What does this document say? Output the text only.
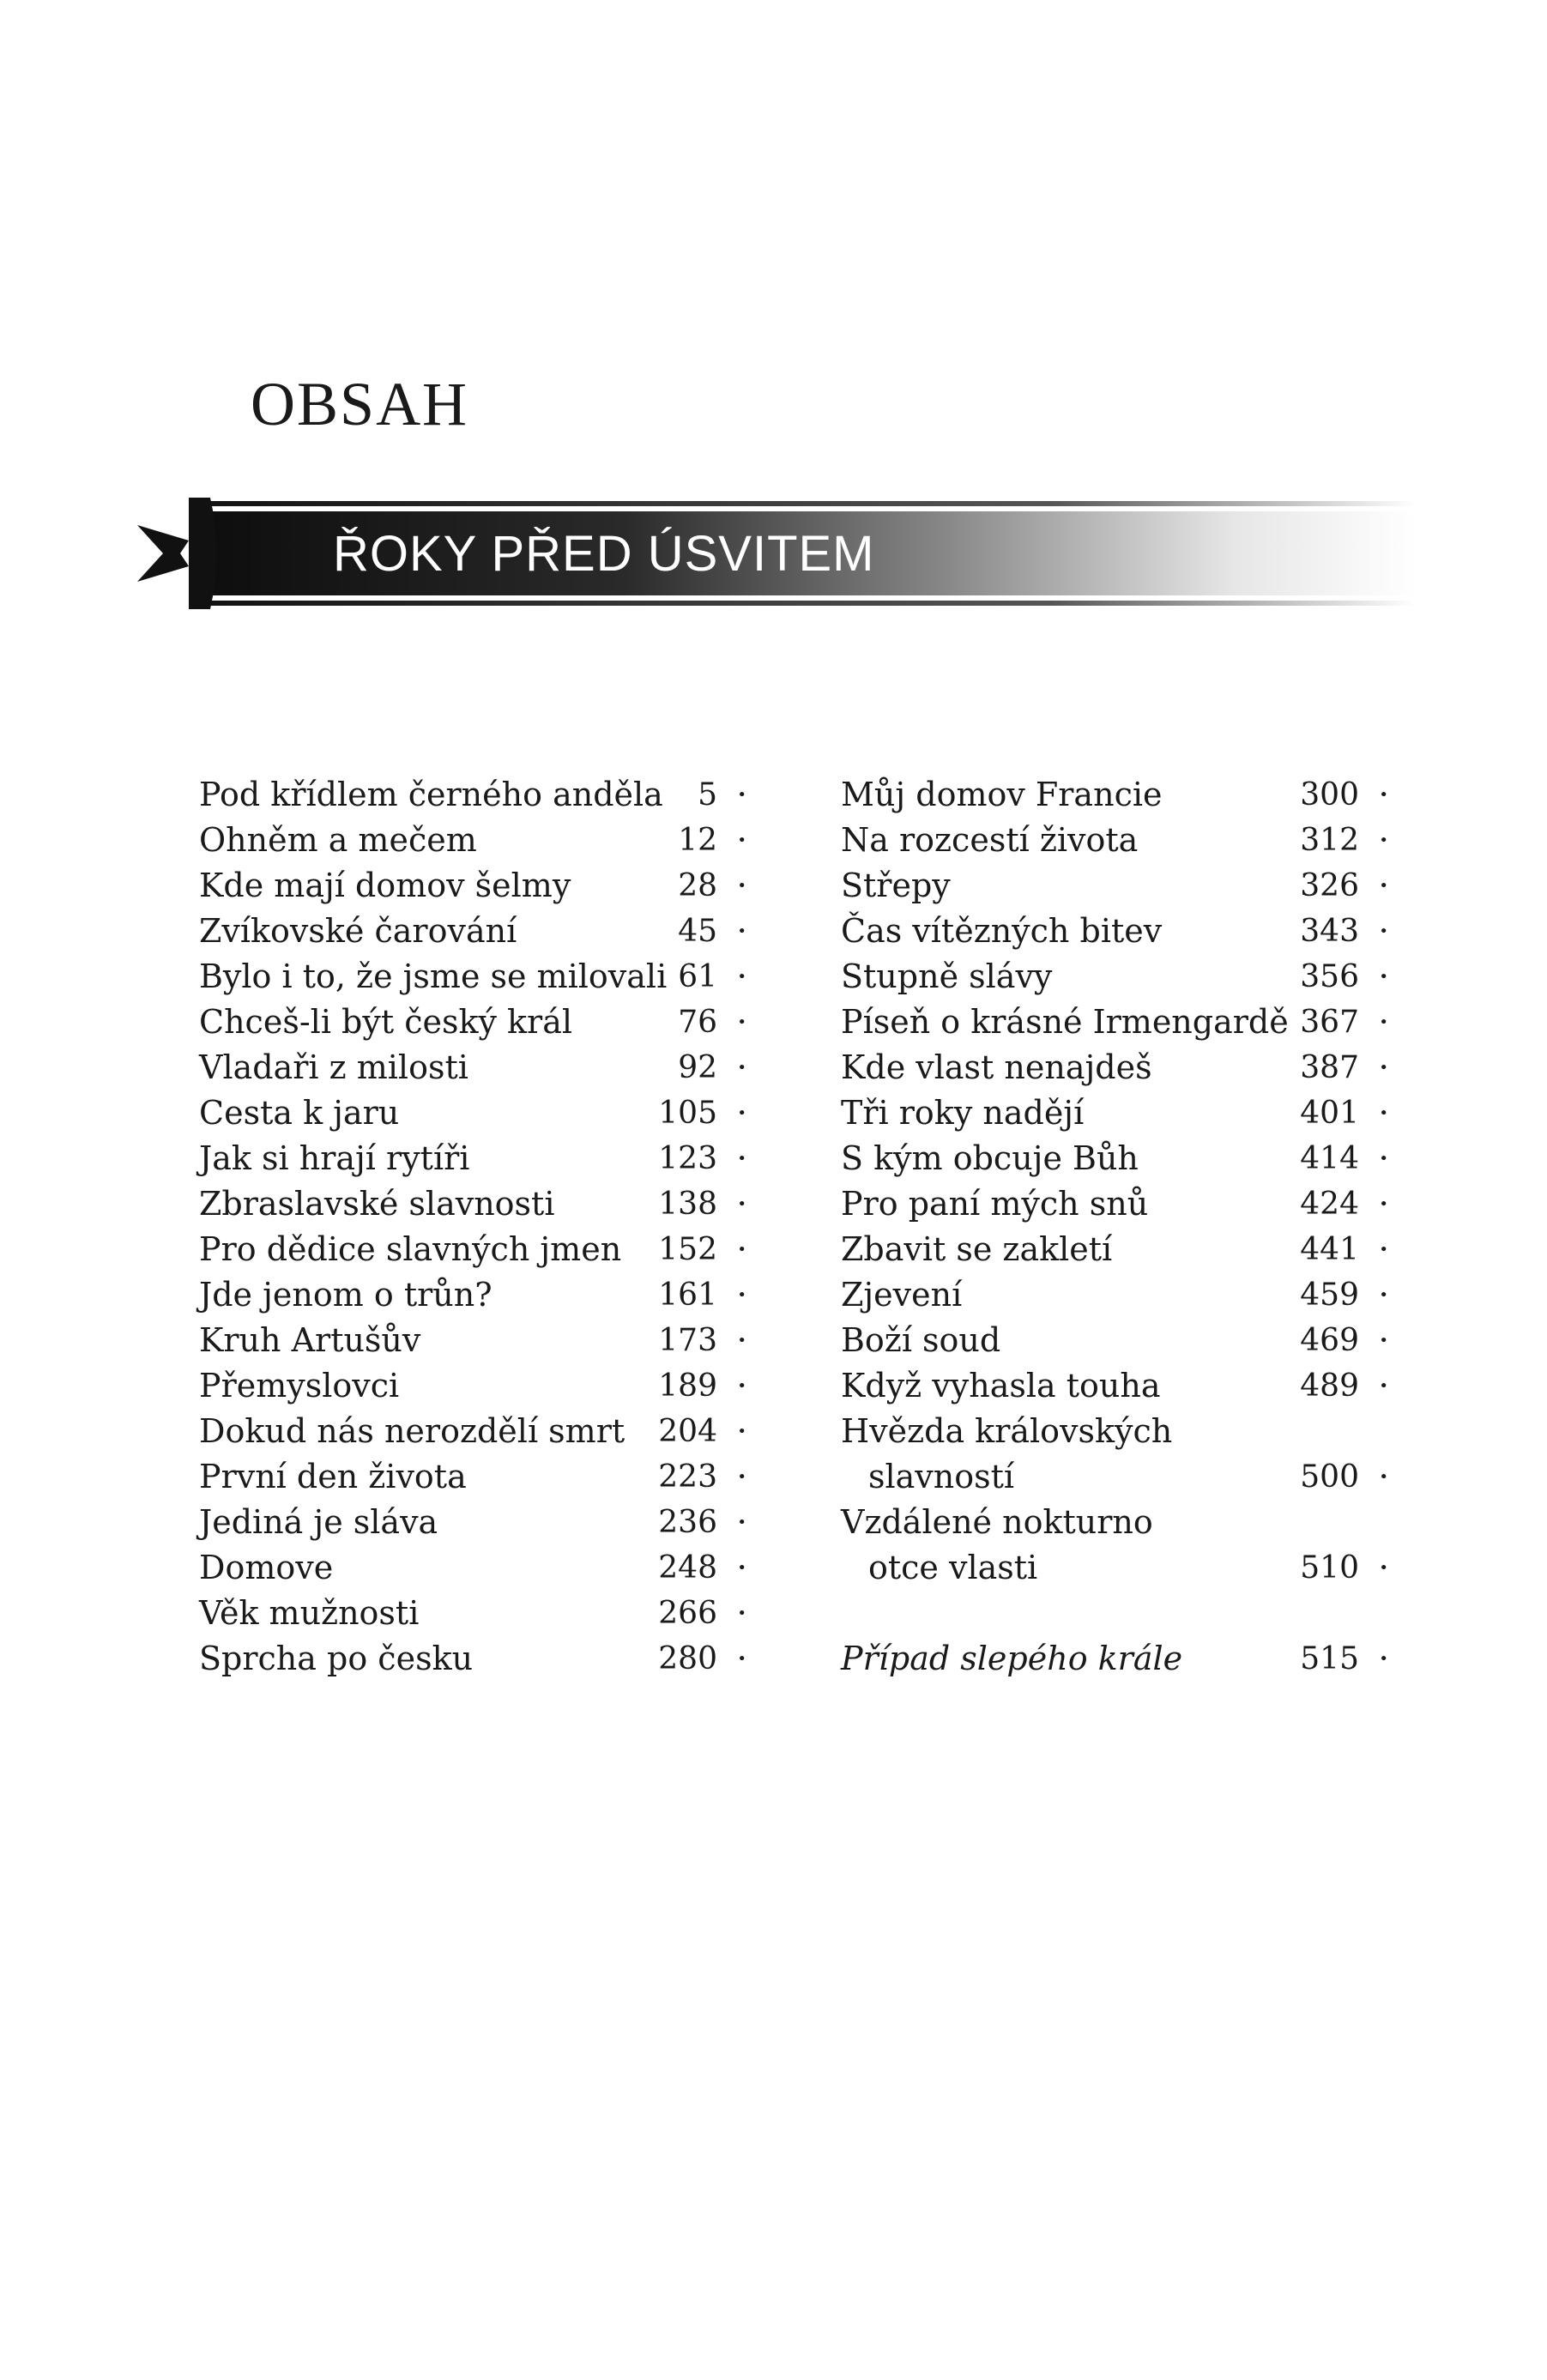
OBSAH
ŘOKY PŘED ÚSVITEM
Pod křídlem černého anděla 5 •
Ohněm a mečem	12 •
Kde mají domov šelmy	28 •
Zvíkovské čarování	45 •
Bylo i to, že jsme se milovali 61 •
Chceš-li být český král	76 •
Vladaři z milosti	92 •
Cesta k jaru	105 •
Jak si hrají rytíři	123 •
Zbraslavské slavnosti	138 •
Pro dědice slavných jmen 152 •
Jde jenom o trůn?	161 •
Kruh Artušův	173 •
Přemyslovci	189 •
Dokud nás nerozdělí smrt 204 •
První den života	223 •
Jediná je sláva	236 •
Domove	248 •
Věk mužnosti	266 •
Sprcha po česku	280 •
Můj domov Francie	300 •
Na rozcestí života	312 •
Střepy	326 •
Čas vítězných bitev	343 •
Stupně slávy	356 •
Píseň o krásné Irmengardě 367 •
Kde vlast nenajdeš	387 •
Tři roky nadějí	401 •
S kým obcuje Bůh	414 •
Pro paní mých snů	424 •
Zbavit se zakletí	441 •
Zjevení	459 •
Boží soud	469 •
Když vyhasla touha	489 •
Hvězda královských
slavností	500 •
Vzdálené nokturno
otce vlasti	510 •
Případ slepého krále	515 •
